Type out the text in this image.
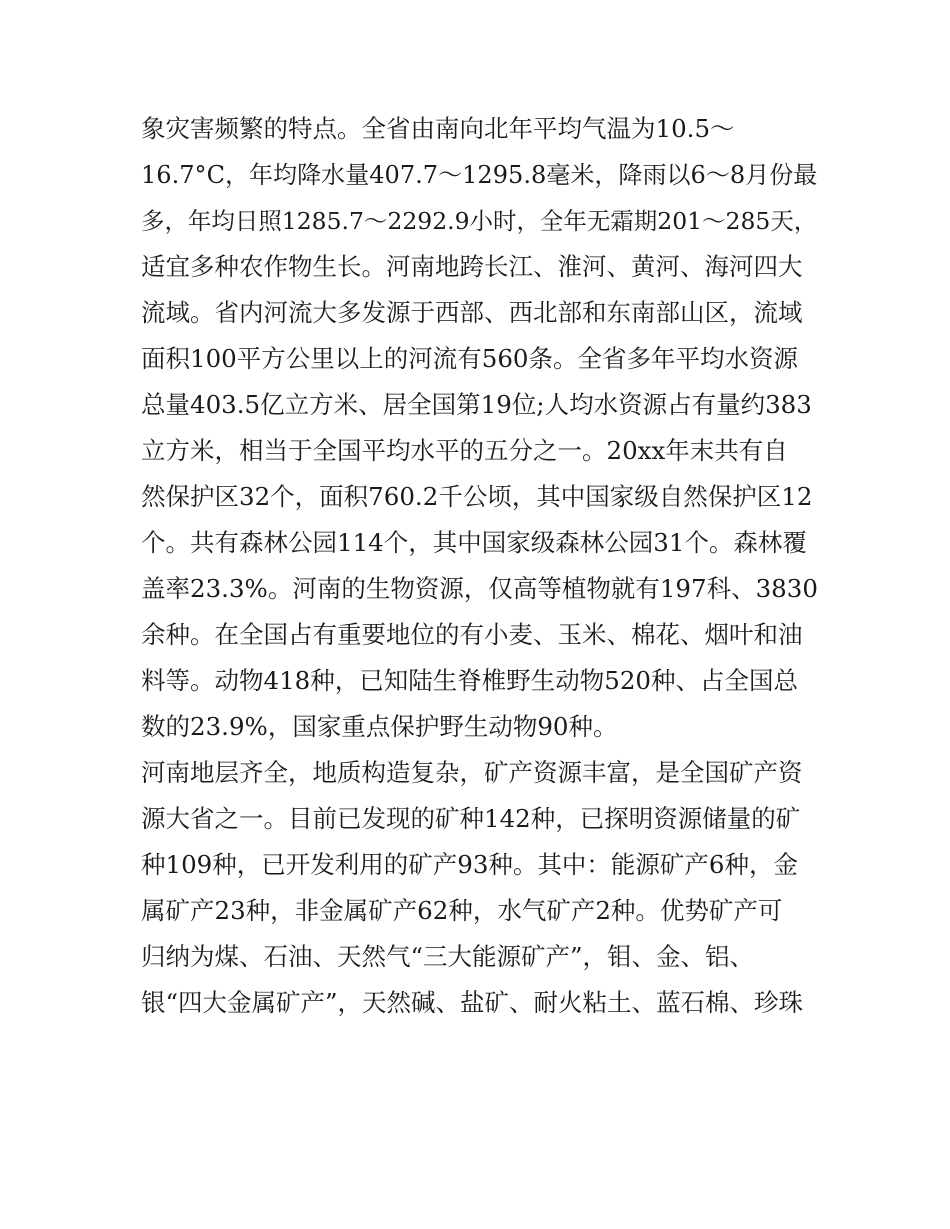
象灾害频繁的特点。全省由南向北年平均气温为10.5～
16.7°C，年均降水量407.7～1295.8毫米，降雨以6～8月份最
多，年均日照1285.7～2292.9小时，全年无霜期201～285天，
适宜多种农作物生长。河南地跨长江、淮河、黄河、海河四大
流域。省内河流大多发源于西部、西北部和东南部山区，流域
面积100平方公里以上的河流有560条。全省多年平均水资源
总量403.5亿立方米、居全国第19位;人均水资源占有量约383
立方米，相当于全国平均水平的五分之一。20xx年末共有自
然保护区32个，面积760.2千公顷，其中国家级自然保护区12
个。共有森林公园114个，其中国家级森林公园31个。森林覆
盖率23.3%。河南的生物资源，仅高等植物就有197科、3830
余种。在全国占有重要地位的有小麦、玉米、棉花、烟叶和油
料等。动物418种，已知陆生脊椎野生动物520种、占全国总
数的23.9%，国家重点保护野生动物90种。
河南地层齐全，地质构造复杂，矿产资源丰富，是全国矿产资
源大省之一。目前已发现的矿种142种，已探明资源储量的矿
种109种，已开发利用的矿产93种。其中：能源矿产6种，金
属矿产23种，非金属矿产62种，水气矿产2种。优势矿产可
归纳为煤、石油、天然气“三大能源矿产”，钼、金、铝、
银“四大金属矿产”，天然碱、盐矿、耐火粘土、蓝石棉、珍珠
